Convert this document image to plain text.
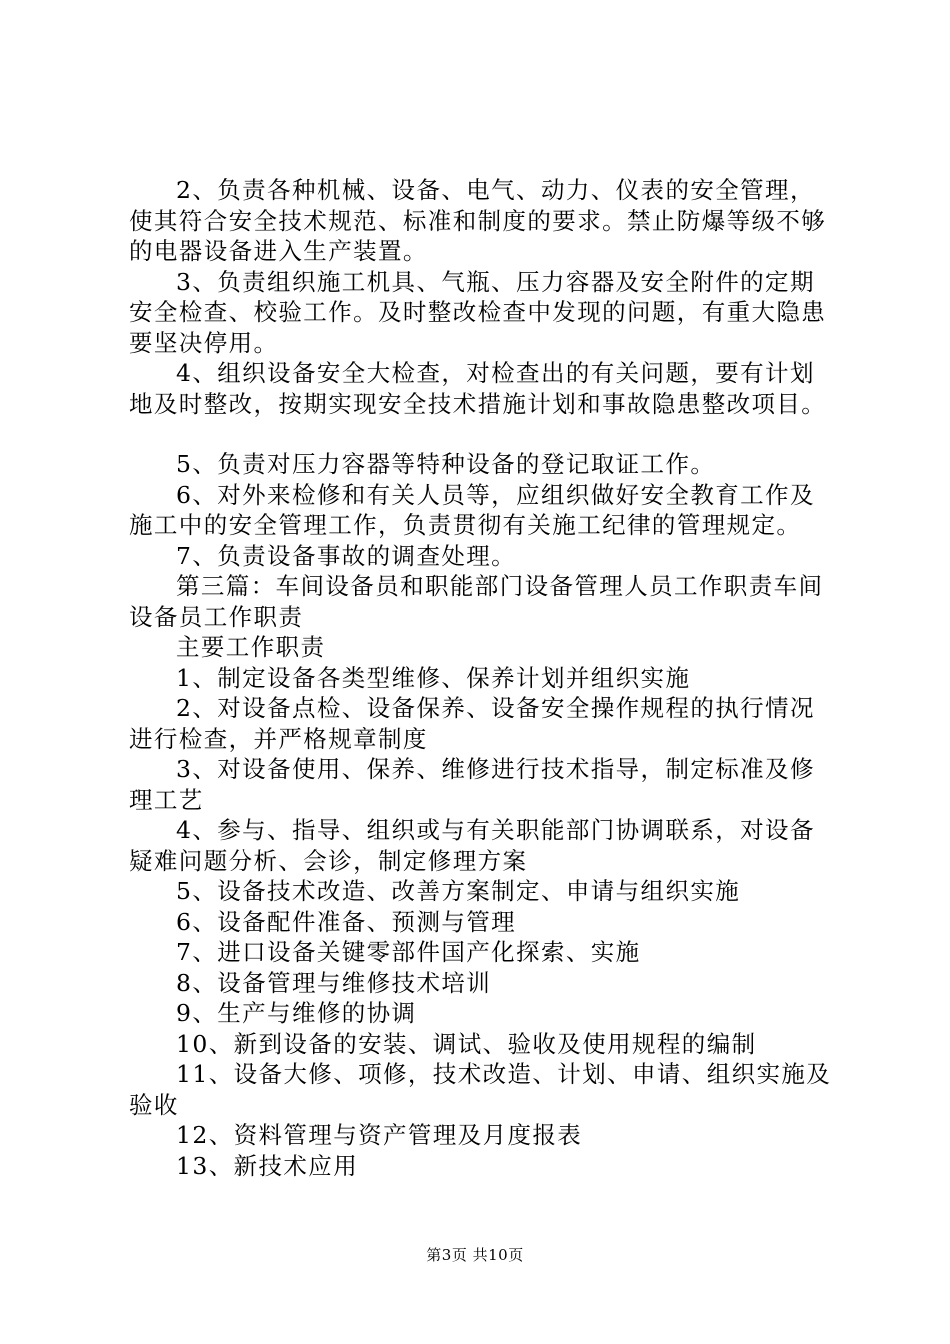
2、负责各种机械、设备、电气、动力、仪表的安全管理，使其符合安全技术规范、标准和制度的要求。禁止防爆等级不够的电器设备进入生产装置。

3、负责组织施工机具、气瓶、压力容器及安全附件的定期安全检查、校验工作。及时整改检查中发现的问题，有重大隐患要坚决停用。

4、组织设备安全大检查，对检查出的有关问题，要有计划地及时整改，按期实现安全技术措施计划和事故隐患整改项目。

5、负责对压力容器等特种设备的登记取证工作。

6、对外来检修和有关人员等，应组织做好安全教育工作及施工中的安全管理工作，负责贯彻有关施工纪律的管理规定。

7、负责设备事故的调查处理。

第三篇：车间设备员和职能部门设备管理人员工作职责车间设备员工作职责

主要工作职责

1、制定设备各类型维修、保养计划并组织实施

2、对设备点检、设备保养、设备安全操作规程的执行情况进行检查，并严格规章制度

3、对设备使用、保养、维修进行技术指导，制定标准及修理工艺

4、参与、指导、组织或与有关职能部门协调联系，对设备疑难问题分析、会诊，制定修理方案

5、设备技术改造、改善方案制定、申请与组织实施

6、设备配件准备、预测与管理

7、进口设备关键零部件国产化探索、实施

8、设备管理与维修技术培训

9、生产与维修的协调

10、新到设备的安装、调试、验收及使用规程的编制

11、设备大修、项修，技术改造、计划、申请、组织实施及验收

12、资料管理与资产管理及月度报表

13、新技术应用

第3页 共10页
